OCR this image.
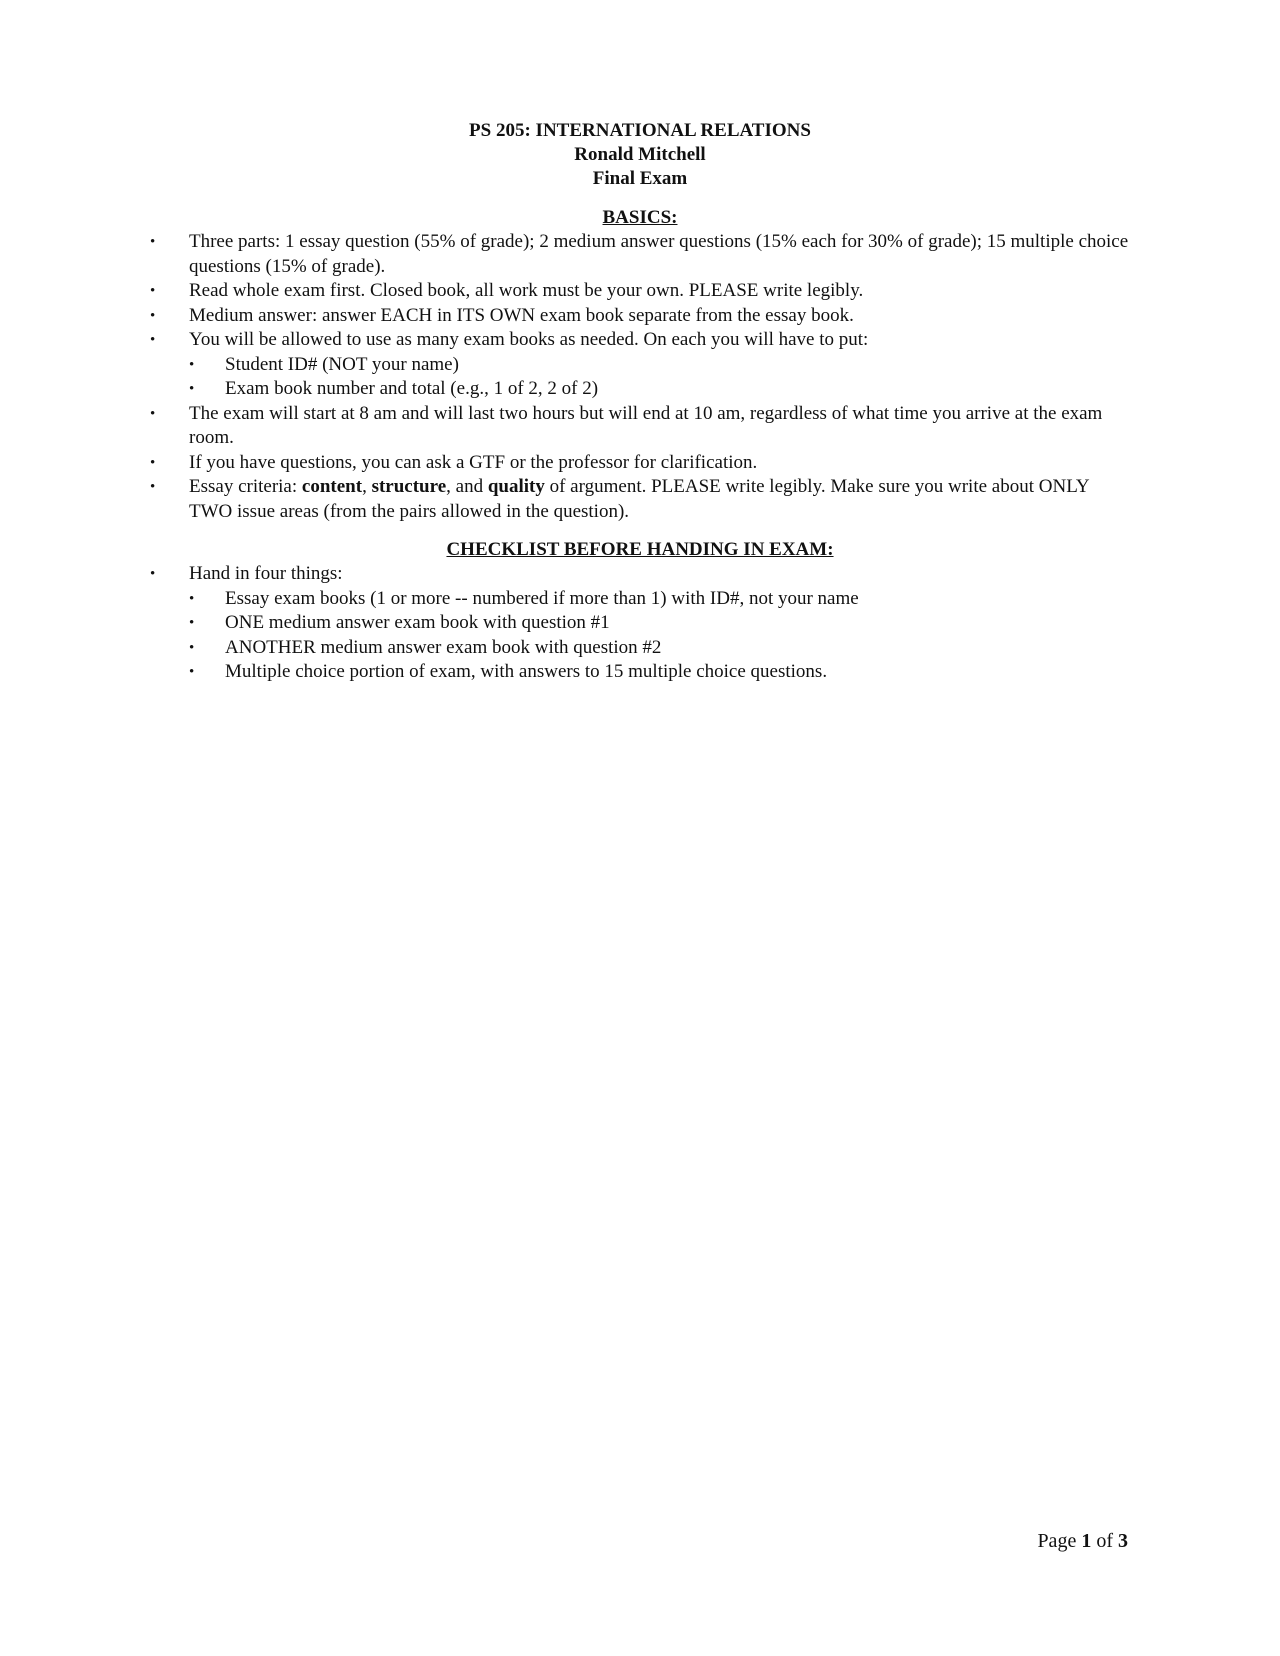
PS 205: INTERNATIONAL RELATIONS
Ronald Mitchell
Final Exam
BASICS:
• Three parts: 1 essay question (55% of grade); 2 medium answer questions (15% each for 30% of grade); 15 multiple choice questions (15% of grade).
• Read whole exam first. Closed book, all work must be your own. PLEASE write legibly.
• Medium answer: answer EACH in ITS OWN exam book separate from the essay book.
• You will be allowed to use as many exam books as needed. On each you will have to put:
• Student ID# (NOT your name)
• Exam book number and total (e.g., 1 of 2, 2 of 2)
• The exam will start at 8 am and will last two hours but will end at 10 am, regardless of what time you arrive at the exam room.
• If you have questions, you can ask a GTF or the professor for clarification.
• Essay criteria: content, structure, and quality of argument. PLEASE write legibly. Make sure you write about ONLY TWO issue areas (from the pairs allowed in the question).
CHECKLIST BEFORE HANDING IN EXAM:
• Hand in four things:
• Essay exam books (1 or more -- numbered if more than 1) with ID#, not your name
• ONE medium answer exam book with question #1
• ANOTHER medium answer exam book with question #2
• Multiple choice portion of exam, with answers to 15 multiple choice questions.
Page 1 of 3
